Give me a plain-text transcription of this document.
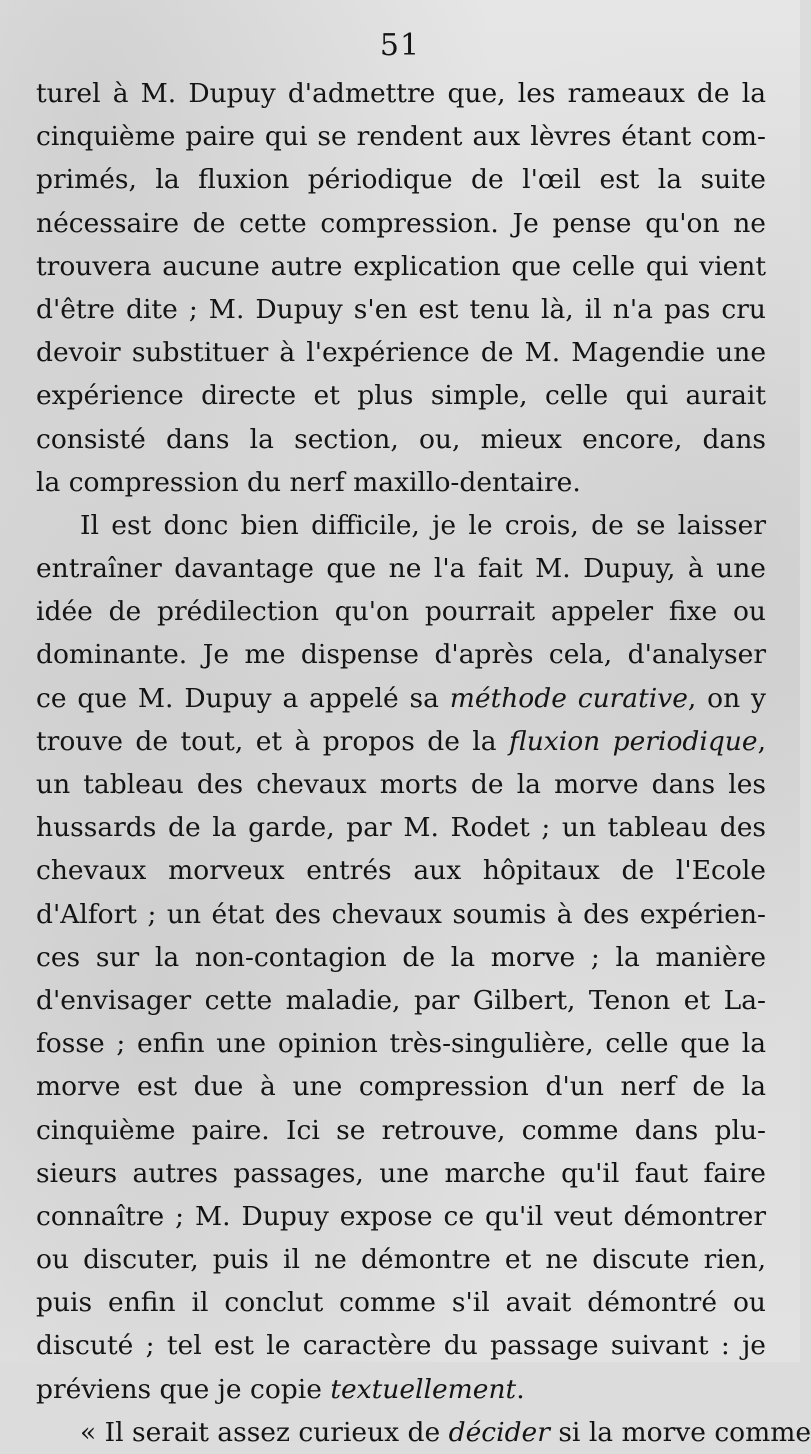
51
turel à M. Dupuy d'admettre que, les rameaux de la
cinquième paire qui se rendent aux lèvres étant com-
primés, la fluxion périodique de l'œil est la suite
nécessaire de cette compression. Je pense qu'on ne
trouvera aucune autre explication que celle qui vient
d'être dite ; M. Dupuy s'en est tenu là, il n'a pas cru
devoir substituer à l'expérience de M. Magendie une
expérience directe et plus simple, celle qui aurait
consisté dans la section, ou, mieux encore, dans
la compression du nerf maxillo-dentaire.
Il est donc bien difficile, je le crois, de se laisser
entraîner davantage que ne l'a fait M. Dupuy, à une
idée de prédilection qu'on pourrait appeler fixe ou
dominante. Je me dispense d'après cela, d'analyser
ce que M. Dupuy a appelé sa méthode curative, on y
trouve de tout, et à propos de la fluxion periodique,
un tableau des chevaux morts de la morve dans les
hussards de la garde, par M. Rodet ; un tableau des
chevaux morveux entrés aux hôpitaux de l'Ecole
d'Alfort ; un état des chevaux soumis à des expérien-
ces sur la non-contagion de la morve ; la manière
d'envisager cette maladie, par Gilbert, Tenon et La-
fosse ; enfin une opinion très-singulière, celle que la
morve est due à une compression d'un nerf de la
cinquième paire. Ici se retrouve, comme dans plu-
sieurs autres passages, une marche qu'il faut faire
connaître ; M. Dupuy expose ce qu'il veut démontrer
ou discuter, puis il ne démontre et ne discute rien,
puis enfin il conclut comme s'il avait démontré ou
discuté ; tel est le caractère du passage suivant : je
préviens que je copie textuellement.
« Il serait assez curieux de décider si la morve comme
